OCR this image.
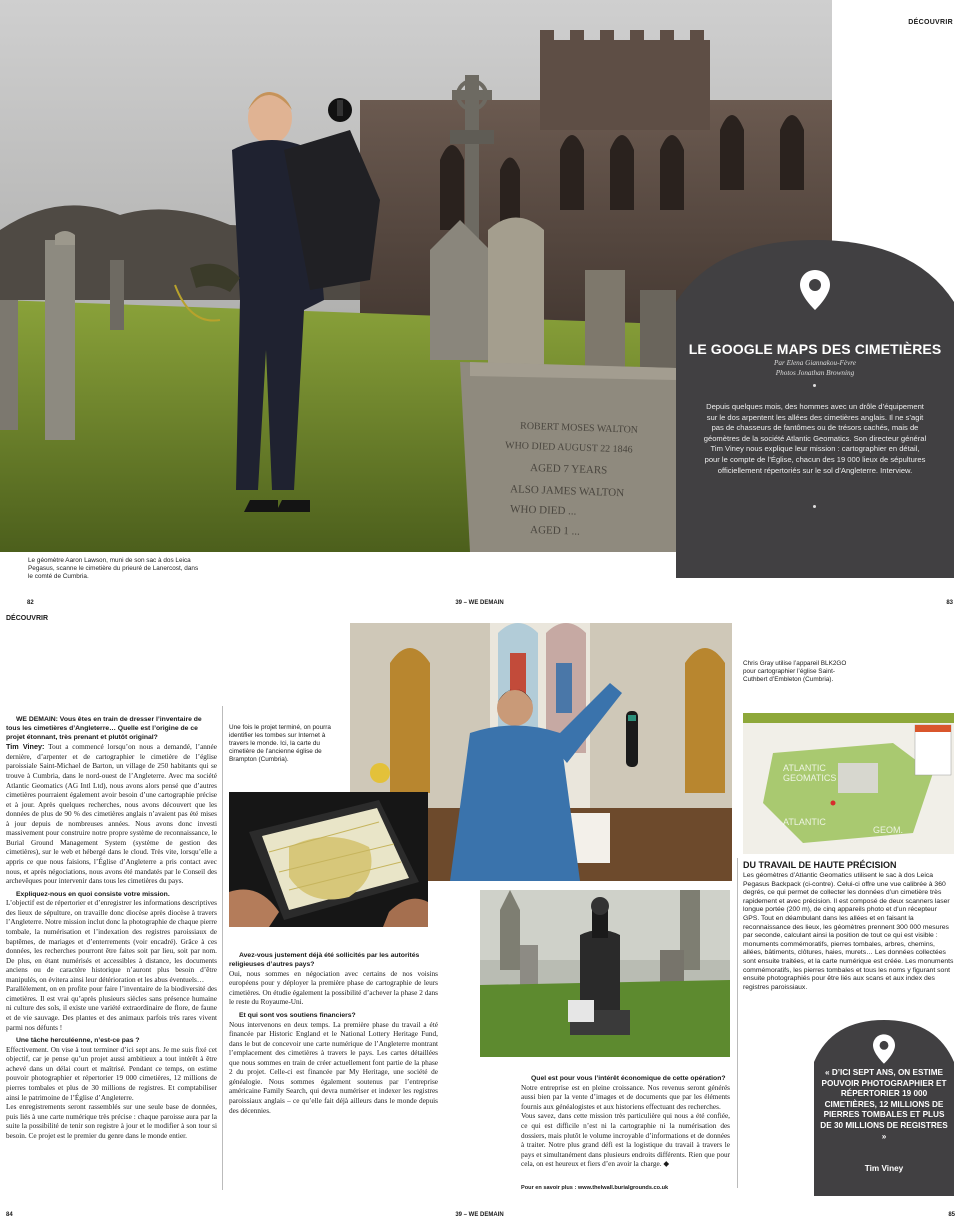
ROBERT MOSES WALTON
WHO DIED AUGUST 22 1846
AGED 7 YEARS
ALSO JAMES WALTON
WHO DIED ...
AGED 1 ...
DÉCOUVRIR
Le géomètre Aaron Lawson, muni de son sac à dos Leica Pegasus, scanne le cimetière du prieuré de Lanercost, dans le comté de Cumbria.
LE GOOGLE MAPS DES CIMETIÈRES
Par Elena Giannakou-Fèvre
Photos Jonathan Browning
Depuis quelques mois, des hommes avec un drôle d’équipement sur le dos arpentent les allées des cimetières anglais. Il ne s’agit pas de chasseurs de fantômes ou de trésors cachés, mais de géomètres de la société Atlantic Geomatics. Son directeur général Tim Viney nous explique leur mission : cartographier en détail, pour le compte de l’Église, chacun des 19 000 lieux de sépultures officiellement répertoriés sur le sol d’Angleterre. Interview.
82	39 – WE DEMAIN	83
DÉCOUVRIR

WE DEMAIN: Vous êtes en train de dresser l’inventaire de tous les cimetières d’Angleterre… Quelle est l’origine de ce projet étonnant, très prenant et plutôt original?

Tim Viney: Tout a commencé lorsqu’on nous a demandé, l’année dernière, d’arpenter et de cartographier le cimetière de l’église paroissiale Saint-Michael de Barton, un village de 250 habitants qui se trouve à Cumbria, dans le nord-ouest de l’Angleterre. Avec ma société Atlantic Geomatics (AG Intl Ltd), nous avons alors pensé que d’autres cimetières pourraient également avoir besoin d’une cartographie précise et à jour. Après quelques recherches, nous avons découvert que les données de plus de 90 % des cimetières anglais n’avaient pas été mises à jour depuis de nombreuses années. Nous avons donc investi massivement pour construire notre propre système de reconnaissance, le Burial Ground Management System (système de gestion des cimetières), sur le web et hébergé dans le cloud. Très vite, lorsqu’elle a appris ce que nous faisions, l’Église d’Angleterre a pris contact avec nous, et après négociations, nous avons été mandatés par le Conseil des archevêques pour intervenir dans tous les cimetières du pays.

Expliquez-nous en quoi consiste votre mission.

L’objectif est de répertorier et d’enregistrer les informations descriptives des lieux de sépulture, on travaille donc diocèse après diocèse à travers l’Angleterre. Notre mission inclut donc la photographie de chaque pierre tombale, la numérisation et l’indexation des registres paroissiaux de baptêmes, de mariages et d’enterrements (voir encadré). Grâce à ces données, les recherches pourront être faites soit par lieu, soit par nom. De plus, en étant numérisés et accessibles à distance, les documents anciens ou de caractère historique n’auront plus besoin d’être manipulés, on évitera ainsi leur détérioration et les abus éventuels…

Parallèlement, on en profite pour faire l’inventaire de la biodiversité des cimetières. Il est vrai qu’après plusieurs siècles sans présence humaine ni culture des sols, il existe une variété extraordinaire de flore, de faune et de vie sauvage. Des plantes et des animaux parfois très rares vivent parmi nos défunts !

Une tâche herculéenne, n’est-ce pas ?

Effectivement. On vise à tout terminer d’ici sept ans. Je me suis fixé cet objectif, car je pense qu’un projet aussi ambitieux a tout intérêt à être achevé dans un délai court et maîtrisé. Pendant ce temps, on estime pouvoir photographier et répertorier 19 000 cimetières, 12 millions de pierres tombales et plus de 30 millions de registres. Et comptabiliser ainsi le patrimoine de l’Église d’Angleterre.

Les enregistrements seront rassemblés sur une seule base de données, puis liés à une carte numérique très précise : chaque paroisse aura par la suite la possibilité de tenir son registre à jour et le modifier à son tour si besoin. Ce projet est le premier du genre dans le monde entier.

Avez-vous justement déjà été sollicités par les autorités religieuses d’autres pays?

Oui, nous sommes en négociation avec certains de nos voisins européens pour y déployer la première phase de cartographie de leurs cimetières. On étudie également la possibilité d’achever la phase 2 dans le reste du Royaume-Uni.

Et qui sont vos soutiens financiers?

Nous intervenons en deux temps. La première phase du travail a été financée par Historic England et le National Lottery Heritage Fund, dans le but de concevoir une carte numérique de l’Angleterre montrant l’emplacement des cimetières à travers le pays. Les cartes détaillées que nous sommes en train de créer actuellement font partie de la phase 2 du projet. Celle-ci est financée par My Heritage, une société de généalogie. Nous sommes également soutenus par l’entreprise américaine Family Search, qui devra numériser et indexer les registres paroissiaux anglais – ce qu’elle fait déjà ailleurs dans le monde depuis des décennies.

Quel est pour vous l’intérêt économique de cette opération?

Notre entreprise est en pleine croissance. Nos revenus seront générés aussi bien par la vente d’images et de documents que par les éléments fournis aux généalogistes et aux historiens effectuant des recherches.

Vous savez, dans cette mission très particulière qui nous a été confiée, ce qui est difficile n’est ni la cartographie ni la numérisation des dossiers, mais plutôt le volume incroyable d’informations et de données à traiter. Notre plus grand défi est la logistique du travail à travers le pays et simultanément dans plusieurs endroits différents. Rien que pour cela, on est heureux et fiers d’en avoir la charge. ◆

Pour en savoir plus : www.thelwall.burialgrounds.co.uk
Une fois le projet terminé, on pourra identifier les tombes sur Internet à travers le monde. Ici, la carte du cimetière de l’ancienne église de Brampton (Cumbria).
Chris Gray utilise l’appareil BLK2GO pour cartographier l’église Saint-Cuthbert d’Embleton (Cumbria).
ATLANTIC
GEOMATICS
ATLANTIC
GEOM.
DU TRAVAIL DE HAUTE PRÉCISION
Les géomètres d’Atlantic Geomatics utilisent le sac à dos Leica Pegasus Backpack (ci-contre). Celui-ci offre une vue calibrée à 360 degrés, ce qui permet de collecter les données d’un cimetière très rapidement et avec précision. Il est composé de deux scanners laser longue portée (200 m), de cinq appareils photo et d’un récepteur GPS. Tout en déambulant dans les allées et en faisant la reconnaissance des lieux, les géomètres prennent 300 000 mesures par seconde, calculant ainsi la position de tout ce qui est visible : monuments commémoratifs, pierres tombales, arbres, chemins, allées, bâtiments, clôtures, haies, murets… Les données collectées sont ensuite traitées, et la carte numérique est créée. Les monuments commémoratifs, les pierres tombales et tous les noms y figurant sont ensuite photographiés pour être liés aux scans et aux index des registres paroissiaux.
« D’ICI SEPT ANS, ON ESTIME POUVOIR PHOTOGRAPHIER ET RÉPERTORIER 19 000 CIMETIÈRES, 12 MILLIONS DE PIERRES TOMBALES ET PLUS DE 30 MILLIONS DE REGISTRES »
Tim Viney
84	39 – WE DEMAIN	85
